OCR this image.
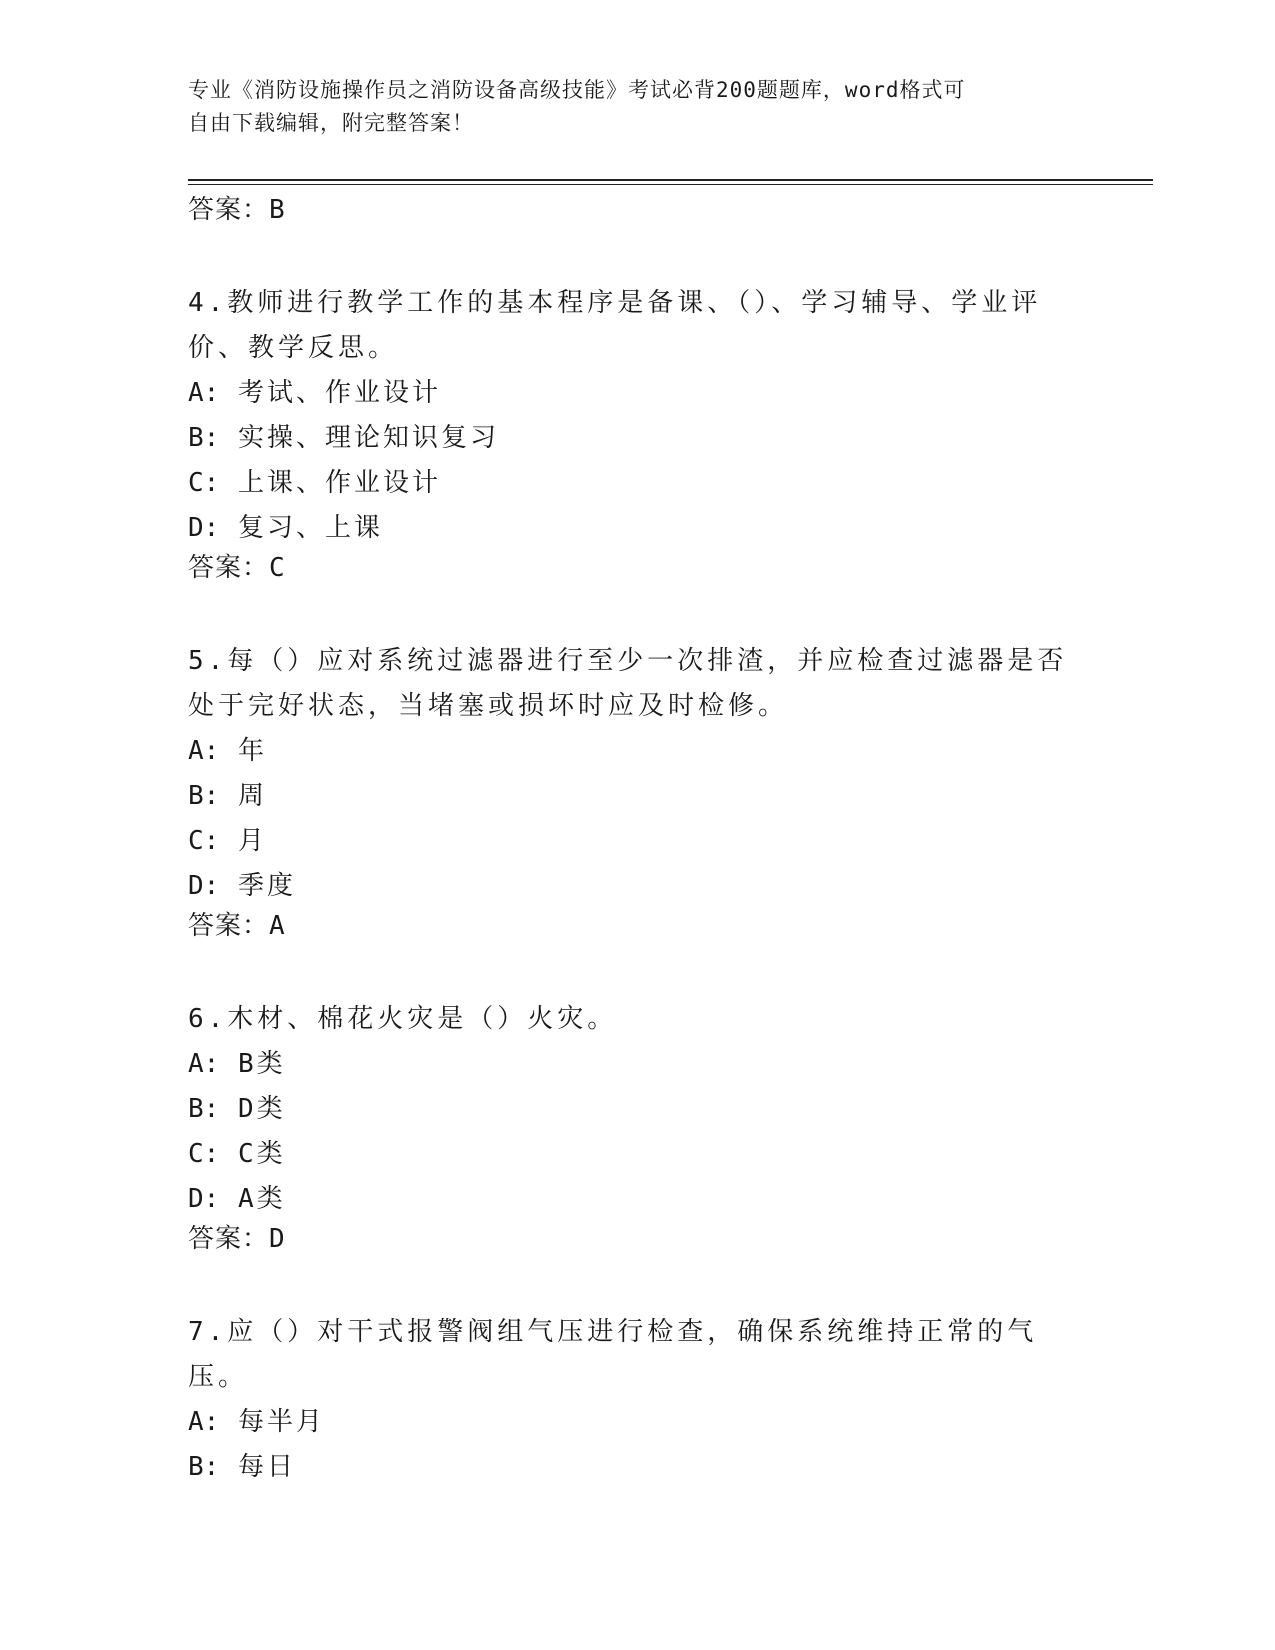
专业《消防设施操作员之消防设备高级技能》考试必背200题题库，word格式可
自由下载编辑，附完整答案！

答案：B

4.教师进行教学工作的基本程序是备课、（）、学习辅导、学业评价、教学反思。

A: 考试、作业设计

B: 实操、理论知识复习

C: 上课、作业设计

D: 复习、上课

答案：C

5.每（）应对系统过滤器进行至少一次排渣，并应检查过滤器是否处于完好状态，当堵塞或损坏时应及时检修。

A: 年

B: 周

C: 月

D: 季度

答案：A

6.木材、棉花火灾是（）火灾。

A: B类

B: D类

C: C类

D: A类

答案：D

7.应（）对干式报警阀组气压进行检查，确保系统维持正常的气压。

A: 每半月

B: 每日
